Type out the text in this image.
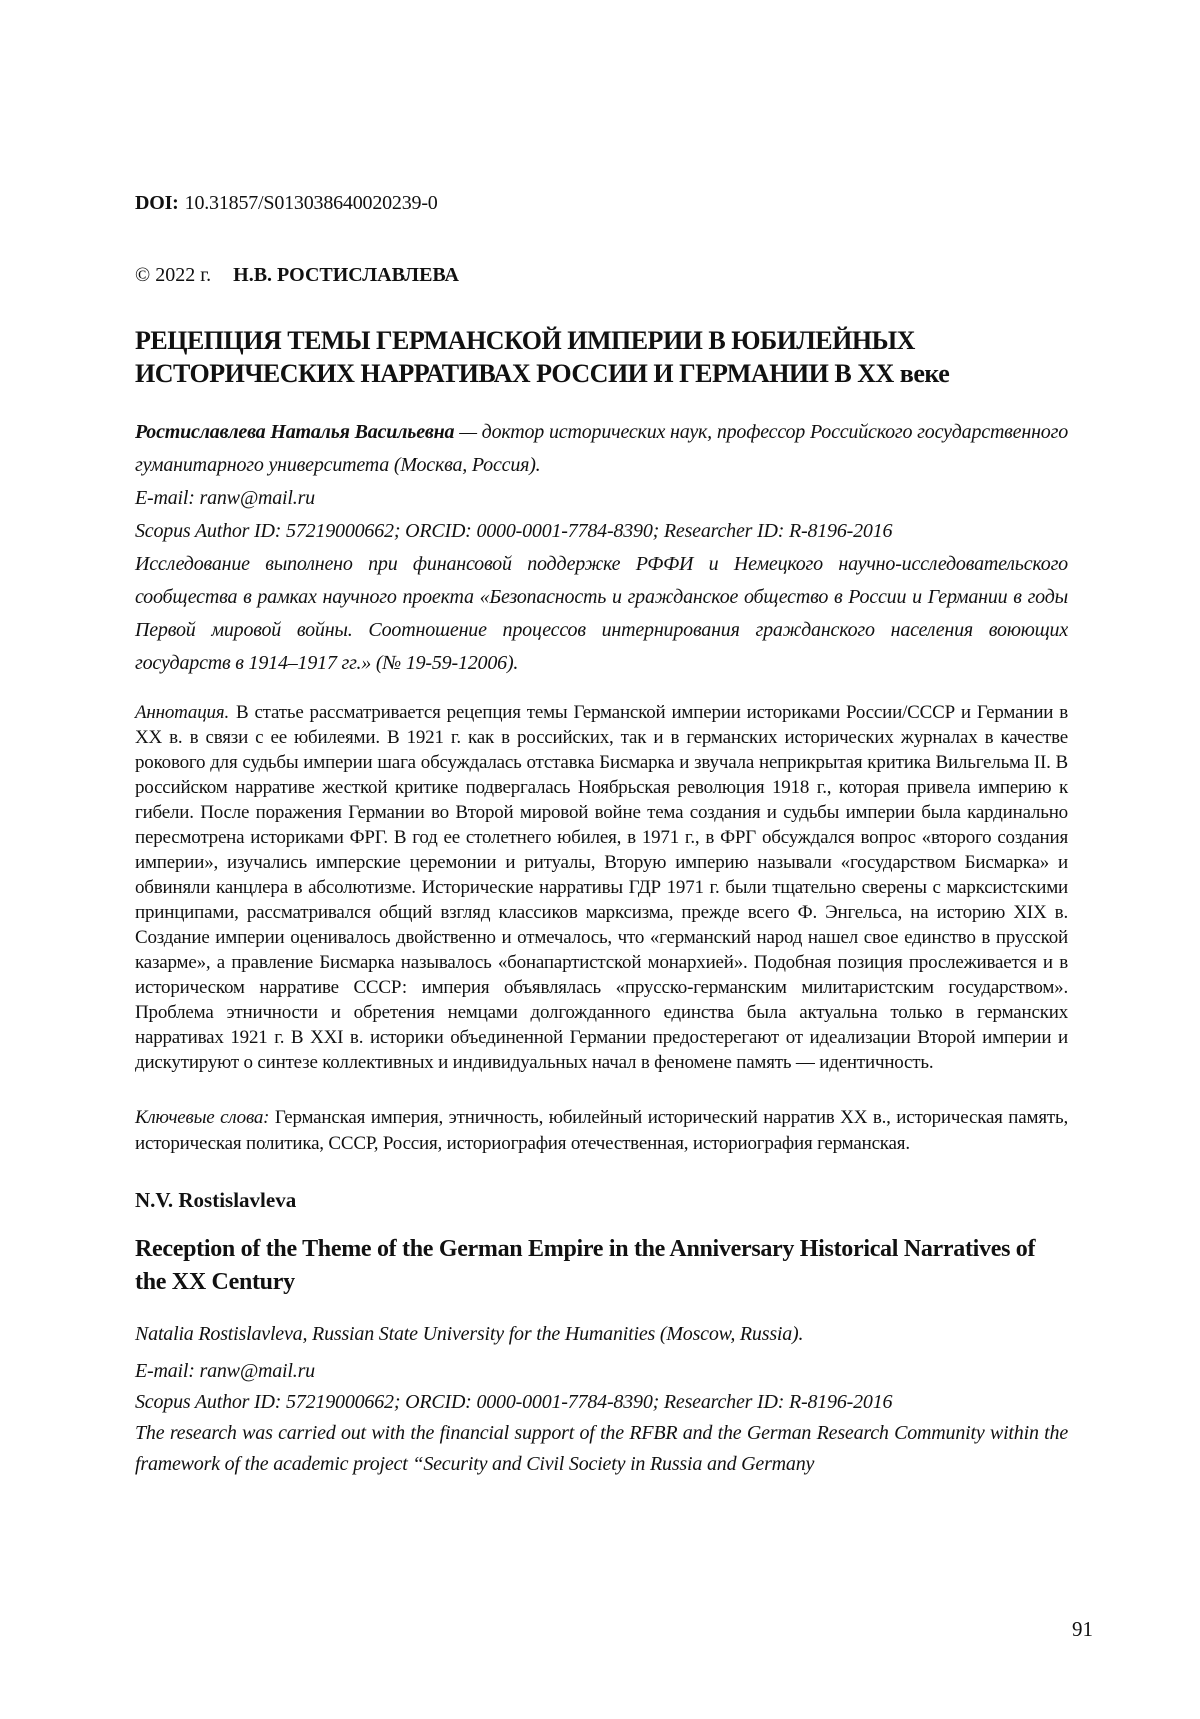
DOI: 10.31857/S013038640020239-0

© 2022 г. Н.В. РОСТИСЛАВЛЕВА

РЕЦЕПЦИЯ ТЕМЫ ГЕРМАНСКОЙ ИМПЕРИИ В ЮБИЛЕЙНЫХ ИСТОРИЧЕСКИХ НАРРАТИВАХ РОССИИ И ГЕРМАНИИ В XX веке

Ростиславлева Наталья Васильевна — доктор исторических наук, профессор Российского государственного гуманитарного университета (Москва, Россия).

E-mail: ranw@mail.ru

Scopus Author ID: 57219000662; ORCID: 0000-0001-7784-8390; Researcher ID: R-8196-2016

Исследование выполнено при финансовой поддержке РФФИ и Немецкого научно-исследовательского сообщества в рамках научного проекта «Безопасность и гражданское общество в России и Германии в годы Первой мировой войны. Соотношение процессов интернирования гражданского населения воюющих государств в 1914–1917 гг.» (№ 19-59-12006).

Аннотация. В статье рассматривается рецепция темы Германской империи историками России/СССР и Германии в XX в. в связи с ее юбилеями. В 1921 г. как в российских, так и в германских исторических журналах в качестве рокового для судьбы империи шага обсуждалась отставка Бисмарка и звучала неприкрытая критика Вильгельма II. В российском нарративе жесткой критике подвергалась Ноябрьская революция 1918 г., которая привела империю к гибели. После поражения Германии во Второй мировой войне тема создания и судьбы империи была кардинально пересмотрена историками ФРГ. В год ее столетнего юбилея, в 1971 г., в ФРГ обсуждался вопрос «второго создания империи», изучались имперские церемонии и ритуалы, Вторую империю называли «государством Бисмарка» и обвиняли канцлера в абсолютизме. Исторические нарративы ГДР 1971 г. были тщательно сверены с марксистскими принципами, рассматривался общий взгляд классиков марксизма, прежде всего Ф. Энгельса, на историю XIX в. Создание империи оценивалось двойственно и отмечалось, что «германский народ нашел свое единство в прусской казарме», а правление Бисмарка называлось «бонапартистской монархией». Подобная позиция прослеживается и в историческом нарративе СССР: империя объявлялась «прусско-германским милитаристским государством». Проблема этничности и обретения немцами долгожданного единства была актуальна только в германских нарративах 1921 г. В XXI в. историки объединенной Германии предостерегают от идеализации Второй империи и дискутируют о синтезе коллективных и индивидуальных начал в феномене память — идентичность.

Ключевые слова: Германская империя, этничность, юбилейный исторический нарратив XX в., историческая память, историческая политика, СССР, Россия, историография отечественная, историография германская.

N.V. Rostislavleva
Reception of the Theme of the German Empire in the Anniversary Historical Narratives of the XX Century

Natalia Rostislavleva, Russian State University for the Humanities (Moscow, Russia).

E-mail: ranw@mail.ru

Scopus Author ID: 57219000662; ORCID: 0000-0001-7784-8390; Researcher ID: R-8196-2016

The research was carried out with the financial support of the RFBR and the German Research Community within the framework of the academic project “Security and Civil Society in Russia and Germany

91
